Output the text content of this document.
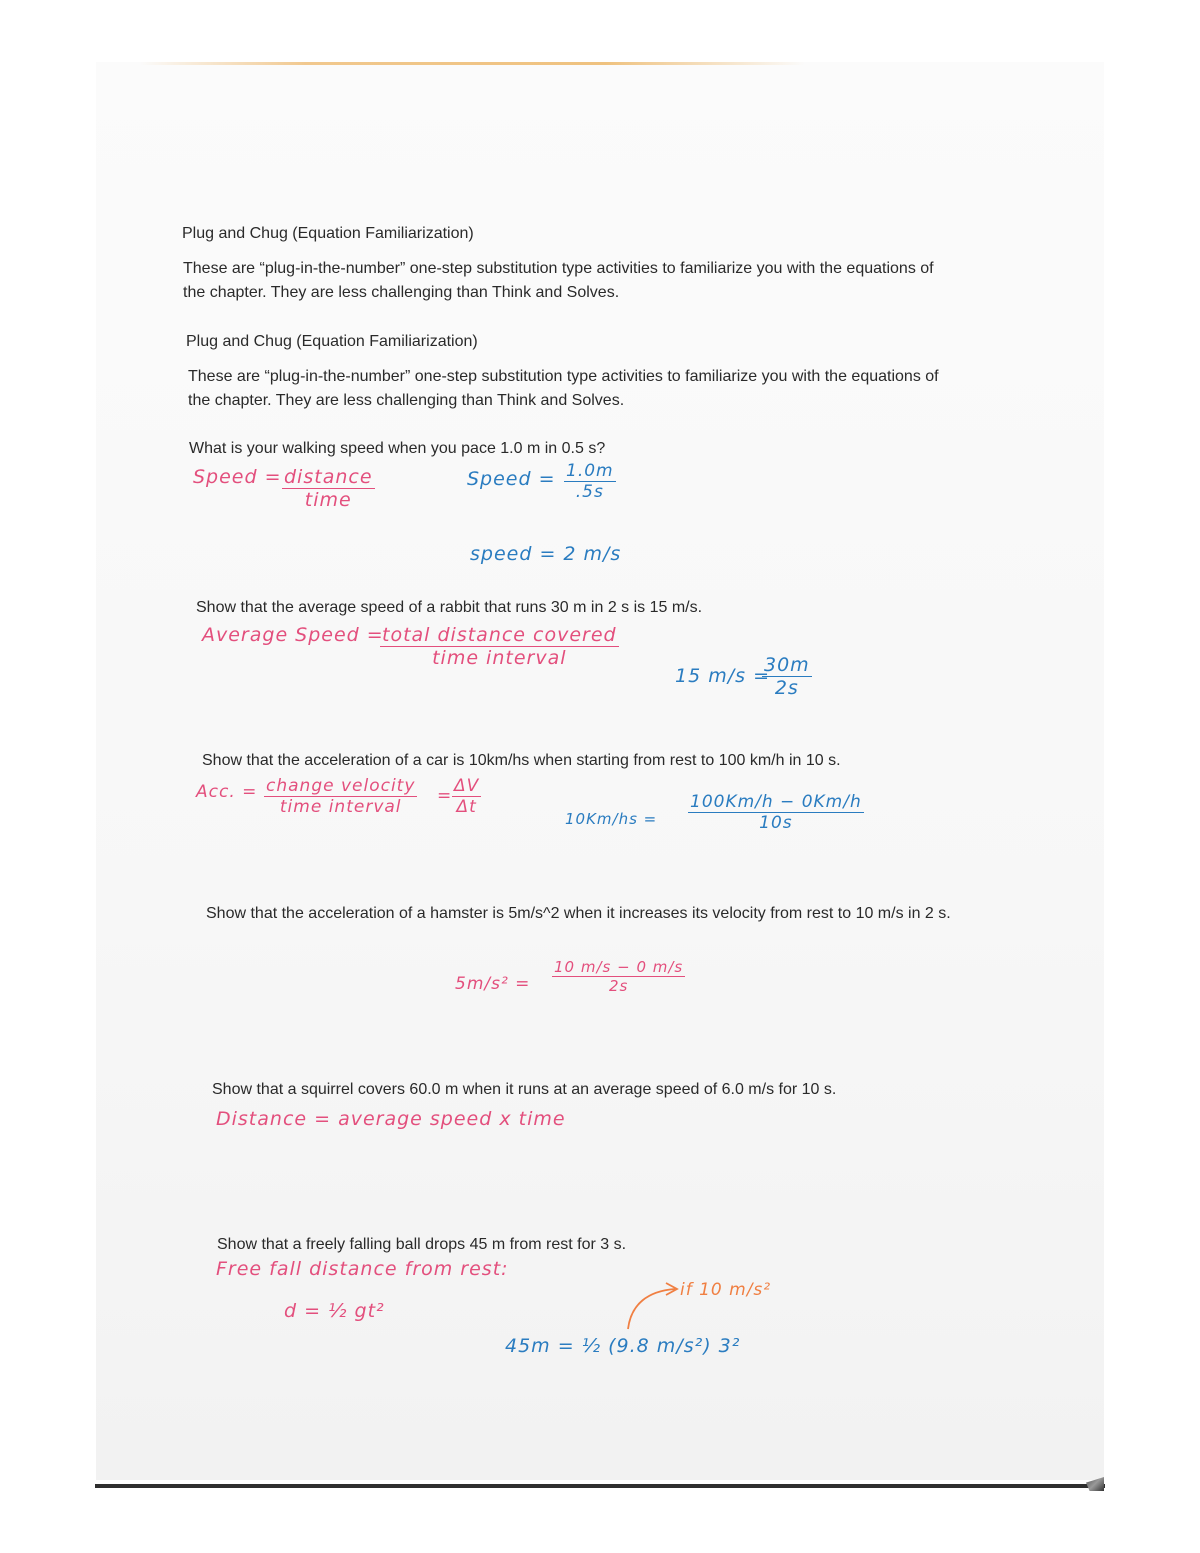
Plug and Chug (Equation Familiarization)

These are “plug-in-the-number” one-step substitution type activities to familiarize you with the equations of the chapter. They are less challenging than Think and Solves.

Plug and Chug (Equation Familiarization)

These are “plug-in-the-number” one-step substitution type activities to familiarize you with the equations of the chapter. They are less challenging than Think and Solves.

What is your walking speed when you pace 1.0 m in 0.5 s?

Speed = distance
time
Speed = $\frac{1.0m}{.5s}$
speed = 2 m/s

Show that the average speed of a rabbit that runs 30 m in 2 s is 15 m/s.

Average Speed =
total distance covered
time interval
15 m/s =
$\frac{30m}{2s}$

Show that the acceleration of a car is 10km/hs when starting from rest to 100 km/h in 10 s.

Acc. = change velocity
time interval
= $\frac{\Delta V}{\Delta t}$
$10Km/hs = \frac{100Km/h - 0Km/h}{10s}$

Show that the acceleration of a hamster is 5m/s^2 when it increases its velocity from rest to 10 m/s in 2 s.

$5m/s^2 = \frac{10 m/s - 0 m/s}{2s}$

Show that a squirrel covers 60.0 m when it runs at an average speed of 6.0 m/s for 10 s.

Distance = average speed x time

Show that a freely falling ball drops 45 m from rest for 3 s.

Free fall distance from rest:
d = ½ gt²
if 10 m/s²
45m = ½ (9.8 m/s²) 3²
